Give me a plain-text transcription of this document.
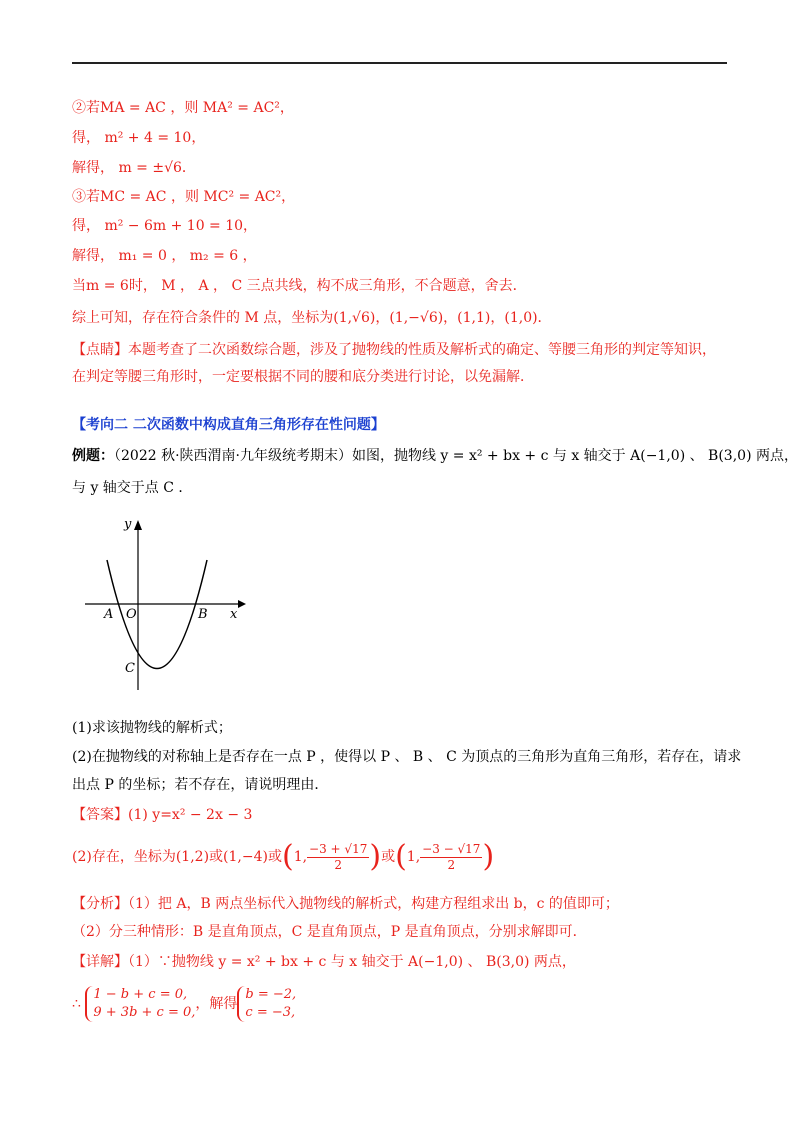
②若MA = AC ，则 MA² = AC²，
得， m² + 4 = 10，
解得， m = ±√6．
③若MC = AC ，则 MC² = AC²，
得， m² − 6m + 10 = 10，
解得， m₁ = 0 ， m₂ = 6 ，
当m = 6时， M ， A ， C 三点共线，构不成三角形，不合题意，舍去．
综上可知，存在符合条件的 M 点，坐标为(1,√6)，(1,−√6)，(1,1)，(1,0)．
【点睛】本题考查了二次函数综合题，涉及了抛物线的性质及解析式的确定、等腰三角形的判定等知识，
在判定等腰三角形时，一定要根据不同的腰和底分类进行讨论，以免漏解．
【考向二 二次函数中构成直角三角形存在性问题】
例题：（2022 秋·陕西渭南·九年级统考期末）如图，抛物线 y = x² + bx + c 与 x 轴交于 A(−1,0) 、 B(3,0) 两点，
与 y 轴交于点 C ．
y
x
O
A	B
C
(1)求该抛物线的解析式；
(2)在抛物线的对称轴上是否存在一点 P ，使得以 P 、 B 、 C 为顶点的三角形为直角三角形，若存在，请求
出点 P 的坐标；若不存在，请说明理由．
【答案】(1) y=x² − 2x − 3
(2)存在，坐标为(1,2)或(1,−4)或(1, $\frac{-3 + √17}{2}$ )或(1, $\frac{-3 - √17}{2}$ )
【分析】（1）把 A，B 两点坐标代入抛物线的解析式，构建方程组求出 b，c 的值即可；
（2）分三种情形：B 是直角顶点，C 是直角顶点，P 是直角顶点，分别求解即可．
【详解】（1）∵抛物线 y = x² + bx + c 与 x 轴交于 A(−1,0) 、 B(3,0) 两点，
∴
1 − b + c = 0,
9 + 3b + c = 0,
，解得
b = −2,
c = −3,
